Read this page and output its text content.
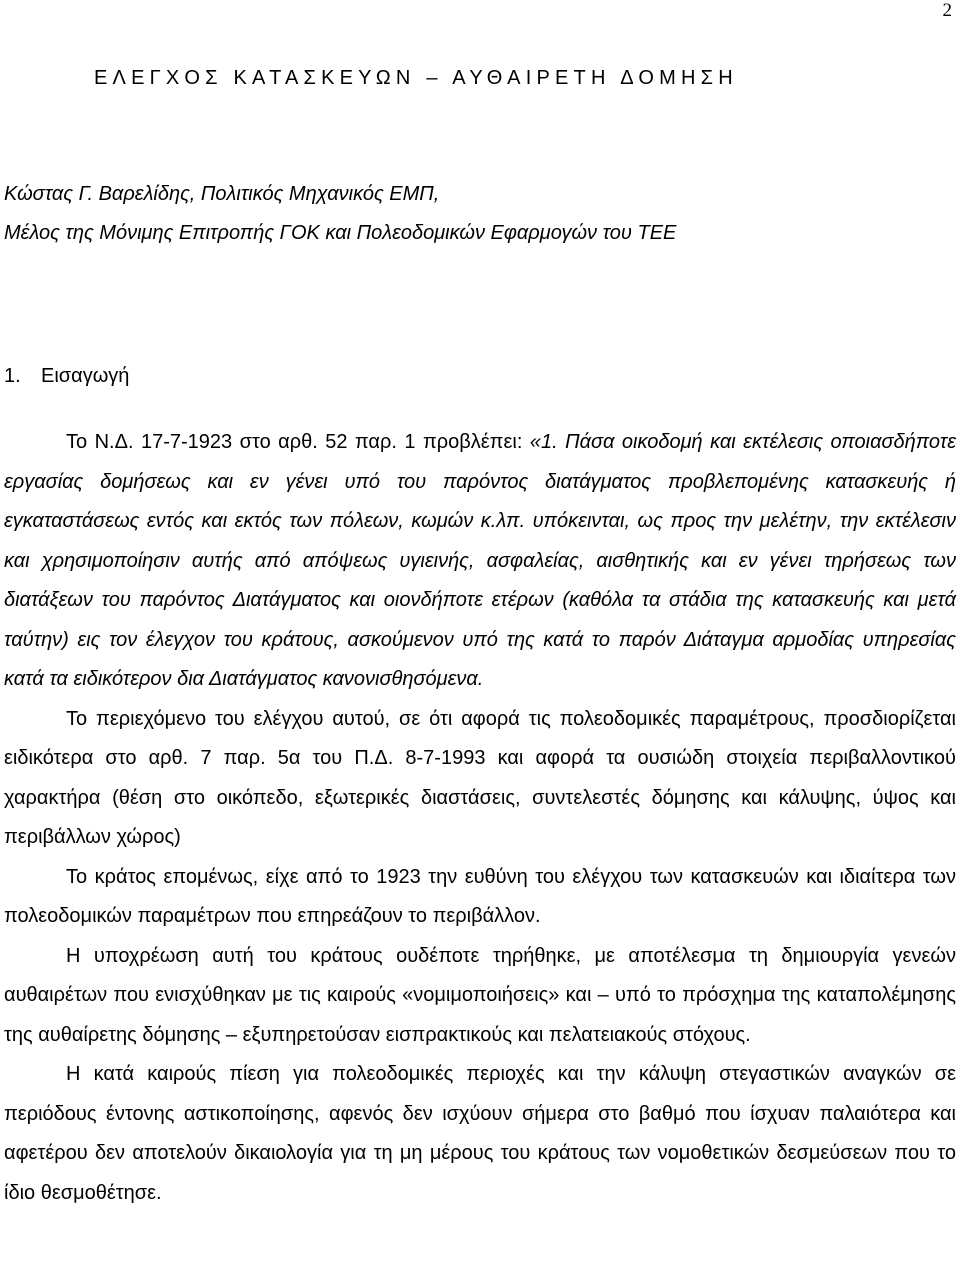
2
ΕΛΕΓΧΟΣ ΚΑΤΑΣΚΕΥΩΝ – ΑΥΘΑΙΡΕΤΗ ΔΟΜΗΣΗ
Κώστας Γ. Βαρελίδης, Πολιτικός Μηχανικός ΕΜΠ,
Μέλος της Μόνιμης Επιτροπής ΓΟΚ και Πολεοδομικών Εφαρμογών του ΤΕΕ
1. Εισαγωγή

Το Ν.Δ. 17-7-1923 στο αρθ. 52 παρ. 1 προβλέπει: «1. Πάσα οικοδομή και εκτέλεσις οποιασδήποτε εργασίας δομήσεως και εν γένει υπό του παρόντος διατάγματος προβλεπομένης κατασκευής ή εγκαταστάσεως εντός και εκτός των πόλεων, κωμών κ.λπ. υπόκεινται, ως προς την μελέτην, την εκτέλεσιν και χρησιμοποίησιν αυτής από απόψεως υγιεινής, ασφαλείας, αισθητικής και εν γένει τηρήσεως των διατάξεων του παρόντος Διατάγματος και οιονδήποτε ετέρων (καθόλα τα στάδια της κατασκευής και μετά ταύτην) εις τον έλεγχον του κράτους, ασκούμενον υπό της κατά το παρόν Διάταγμα αρμοδίας υπηρεσίας κατά τα ειδικότερον δια Διατάγματος κανονισθησόμενα.

Το περιεχόμενο του ελέγχου αυτού, σε ότι αφορά τις πολεοδομικές παραμέτρους, προσδιορίζεται ειδικότερα στο αρθ. 7 παρ. 5α του Π.Δ. 8-7-1993 και αφορά τα ουσιώδη στοιχεία περιβαλλοντικού χαρακτήρα (θέση στο οικόπεδο, εξωτερικές διαστάσεις, συντελεστές δόμησης και κάλυψης, ύψος και περιβάλλων χώρος)

Το κράτος επομένως, είχε από το 1923 την ευθύνη του ελέγχου των κατασκευών και ιδιαίτερα των πολεοδομικών παραμέτρων που επηρεάζουν το περιβάλλον.

Η υποχρέωση αυτή του κράτους ουδέποτε τηρήθηκε, με αποτέλεσμα τη δημιουργία γενεών αυθαιρέτων που ενισχύθηκαν με τις καιρούς «νομιμοποιήσεις» και – υπό το πρόσχημα της καταπολέμησης της αυθαίρετης δόμησης – εξυπηρετούσαν εισπρακτικούς και πελατειακούς στόχους.

Η κατά καιρούς πίεση για πολεοδομικές περιοχές και την κάλυψη στεγαστικών αναγκών σε περιόδους έντονης αστικοποίησης, αφενός δεν ισχύουν σήμερα στο βαθμό που ίσχυαν παλαιότερα και αφετέρου δεν αποτελούν δικαιολογία για τη μη μέρους του κράτους των νομοθετικών δεσμεύσεων που το ίδιο θεσμοθέτησε.
